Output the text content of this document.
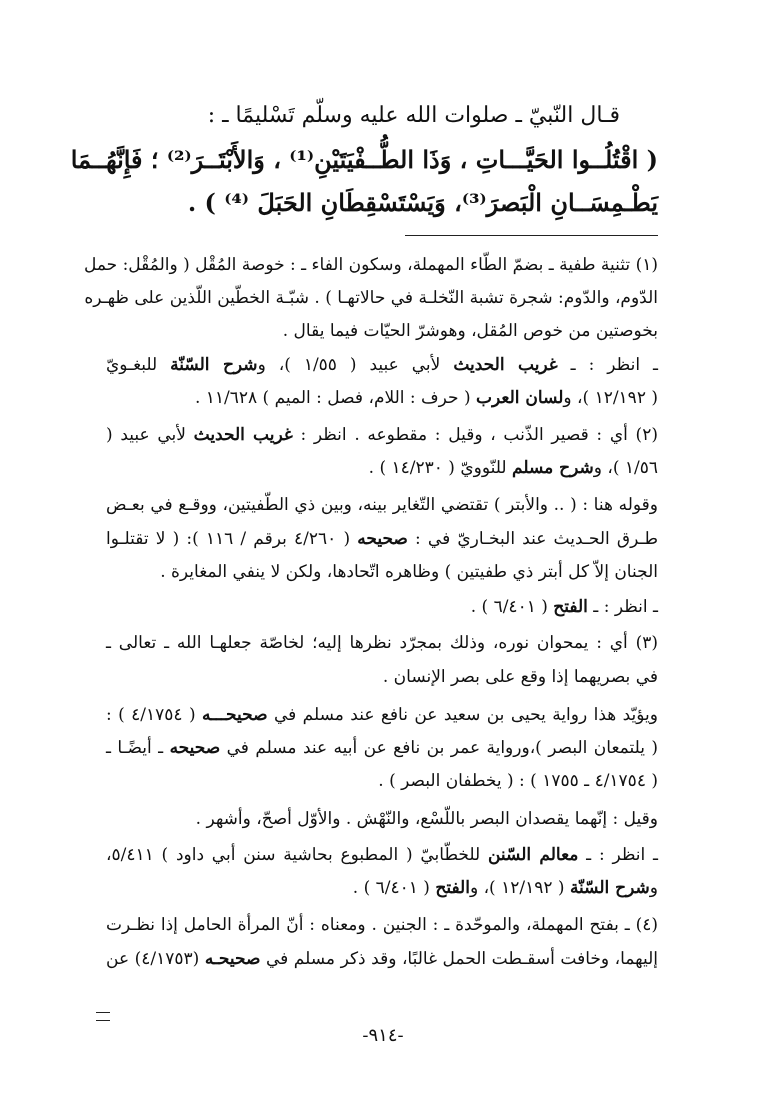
قـال النّبيّ ـ صلوات الله عليه وسلّم تَسْليمًا ـ :
( اقْتُلُــوا الحَيَّـــاتِ ، وَذَا الطُّــفْيَتَيْنِ⁽¹⁾ ، وَالأَبْتَــرَ⁽²⁾ ؛ فَإِنَّهُــمَا
يَطْـمِسَــانِ الْبَصرَ⁽³⁾، وَيَسْتَسْقِطَانِ الحَبَلَ ⁽⁴⁾ ) .
(١) تثنية طفية ـ بضمّ الطّاء المهملة، وسكون الفاء ـ : خوصة المُقْل ( والمُقْل: حمل
الدّوم، والدّوم: شجرة تشبة النّخلـة في حالاتهـا ) . شبّـة الخطّين اللّذين على ظهـره
بخوصتين من خوص المُقل، وهوشرّ الحيّات فيما يقال .
ـ انظر : ـ غريب الحديث لأبي عبيد ( ١/٥٥ )، وشرح السّنّة للبغـويّ
( ١٢/١٩٢ )، ولسان العرب ( حرف : اللام، فصل : الميم ) ١١/٦٢٨ .
(٢) أي : قصير الذّنب ، وقيل : مقطوعه . انظر : غريب الحديث لأبي عبيد (
١/٥٦ )، وشرح مسلم للنّوويّ ( ١٤/٢٣٠ ) .
وقوله هنا : ( .. والأبتر ) تقتضي التّغاير بينه، وبين ذي الطّفيتين، ووقـع في بعـض
طـرق الحـديث عند البخـاريّ في : صحيحه ( ٤/٢٦٠ برقم / ١١٦ ): ( لا تقتلـوا
الجنان إلاّ كل أبتر ذي طفيتين ) وظاهره اتّحادها، ولكن لا ينفي المغايرة .
ـ انظر : ـ الفتح ( ٦/٤٠١ ) .
(٣) أي : يمحوان نوره، وذلك بمجرّد نظرها إليه؛ لخاصّة جعلهـا الله ـ تعالى ـ
في بصريهما إذا وقع على بصر الإنسان .
ويؤيّد هذا رواية يحيى بن سعيد عن نافع عند مسلم في صحيحـــه ( ٤/١٧٥٤ ) :
( يلتمعان البصر )،ورواية عمر بن نافع عن أبيه عند مسلم في صحيحه ـ أيضًـا ـ
( ٤/١٧٥٤ ـ ١٧٥٥ ) : ( يخطفان البصر ) .
وقيل : إنّهما يقصدان البصر باللّسْع، والنّهْش . والأوّل أصحّ، وأشهر .
ـ انظر : ـ معالم السّنن للخطّابيّ ( المطبوع بحاشية سنن أبي داود ) ٥/٤١١،
وشرح السّنّة ( ١٢/١٩٢ )، والفتح ( ٦/٤٠١ ) .
(٤) ـ بفتح المهملة، والموحّدة ـ : الجنين . ومعناه : أنّ المرأة الحامل إذا نظـرت
إليهما، وخافت أسقـطت الحمل غالبًا، وقد ذكر مسلم في صحيحـه (٤/١٧٥٣) عن
-٩١٤-
